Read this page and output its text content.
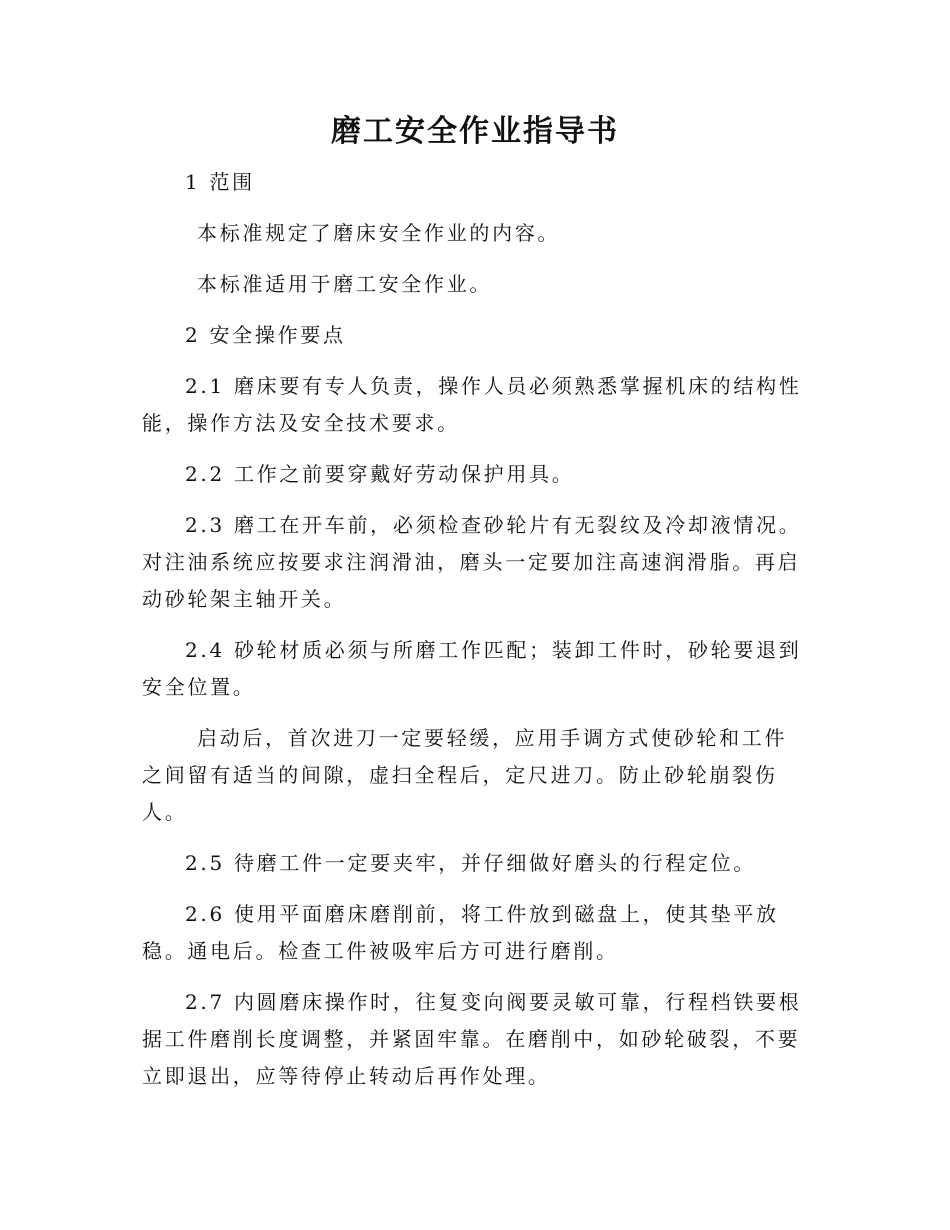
磨工安全作业指导书

1 范围

本标准规定了磨床安全作业的内容。

本标准适用于磨工安全作业。

2 安全操作要点

2.1 磨床要有专人负责，操作人员必须熟悉掌握机床的结构性能，操作方法及安全技术要求。

2.2 工作之前要穿戴好劳动保护用具。

2.3 磨工在开车前，必须检查砂轮片有无裂纹及冷却液情况。对注油系统应按要求注润滑油，磨头一定要加注高速润滑脂。再启动砂轮架主轴开关。

2.4 砂轮材质必须与所磨工作匹配；装卸工件时，砂轮要退到安全位置。

启动后，首次进刀一定要轻缓，应用手调方式使砂轮和工件之间留有适当的间隙，虚扫全程后，定尺进刀。防止砂轮崩裂伤人。

2.5 待磨工件一定要夹牢，并仔细做好磨头的行程定位。

2.6 使用平面磨床磨削前，将工件放到磁盘上，使其垫平放稳。通电后。检查工件被吸牢后方可进行磨削。

2.7 内圆磨床操作时，往复变向阀要灵敏可靠，行程档铁要根据工件磨削长度调整，并紧固牢靠。在磨削中，如砂轮破裂，不要立即退出，应等待停止转动后再作处理。
